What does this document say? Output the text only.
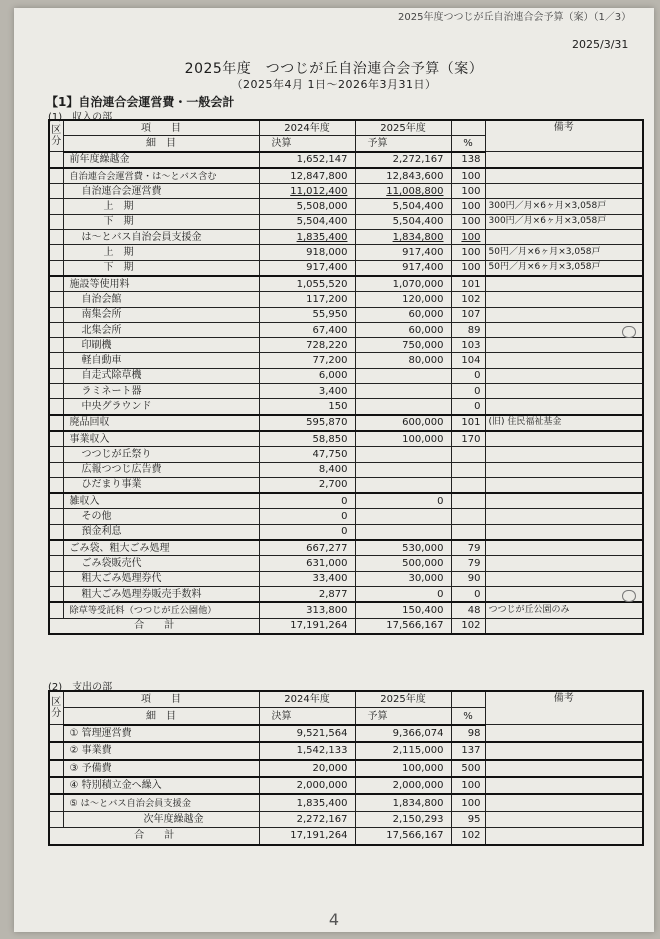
2025年度つつじが丘自治連合会予算（案）（1／3）
2025/3/31
2025年度　つつじが丘自治連合会予算（案）
（2025年4月 1日〜2026年3月31日）
【1】自治連合会運営費・一般会計
(1)　収入の部
区
分	項　　目	2024年度	2025年度		備考
	細　目	決算	予算	%	
	前年度繰越金	1,652,147	2,272,167	138	
	自治連合会運営費・は〜とバス含む	12,847,800	12,843,600	100	
	自治連合会運営費	11,012,400	11,008,800	100	
	上　期	5,508,000	5,504,400	100	300円／月×6ヶ月×3,058戸
	下　期	5,504,400	5,504,400	100	300円／月×6ヶ月×3,058戸
	は〜とバス自治会員支援金	1,835,400	1,834,800	100	
	上　期	918,000	917,400	100	50円／月×6ヶ月×3,058戸
	下　期	917,400	917,400	100	50円／月×6ヶ月×3,058戸
	施設等使用料	1,055,520	1,070,000	101	
	自治会館	117,200	120,000	102	
	南集会所	55,950	60,000	107	
	北集会所	67,400	60,000	89	
	印刷機	728,220	750,000	103	
	軽自動車	77,200	80,000	104	
	自走式除草機	6,000		0	
	ラミネート器	3,400		0	
	中央グラウンド	150		0	
	廃品回収	595,870	600,000	101	(旧) 住民福祉基金
	事業収入	58,850	100,000	170	
	つつじが丘祭り	47,750			
	広報つつじ広告費	8,400			
	ひだまり事業	2,700			
	雑収入	0	0		
	その他	0			
	預金利息	0			
	ごみ袋、粗大ごみ処理	667,277	530,000	79	
	ごみ袋販売代	631,000	500,000	79	
	粗大ごみ処理券代	33,400	30,000	90	
	粗大ごみ処理券販売手数料	2,877	0	0	
	除草等受託料（つつじが丘公園他）	313,800	150,400	48	つつじが丘公園のみ
合　　計		17,191,264	17,566,167	102	
(2)　支出の部
区
分	項　　目	2024年度	2025年度		備考
	細　目	決算	予算	%	
	① 管理運営費	9,521,564	9,366,074	98	
	② 事業費	1,542,133	2,115,000	137	
	③ 予備費	20,000	100,000	500	
	④ 特別積立金へ繰入	2,000,000	2,000,000	100	
	⑤ は〜とバス自治会員支援金	1,835,400	1,834,800	100	
	次年度繰越金	2,272,167	2,150,293	95	
合　　計		17,191,264	17,566,167	102	
4
